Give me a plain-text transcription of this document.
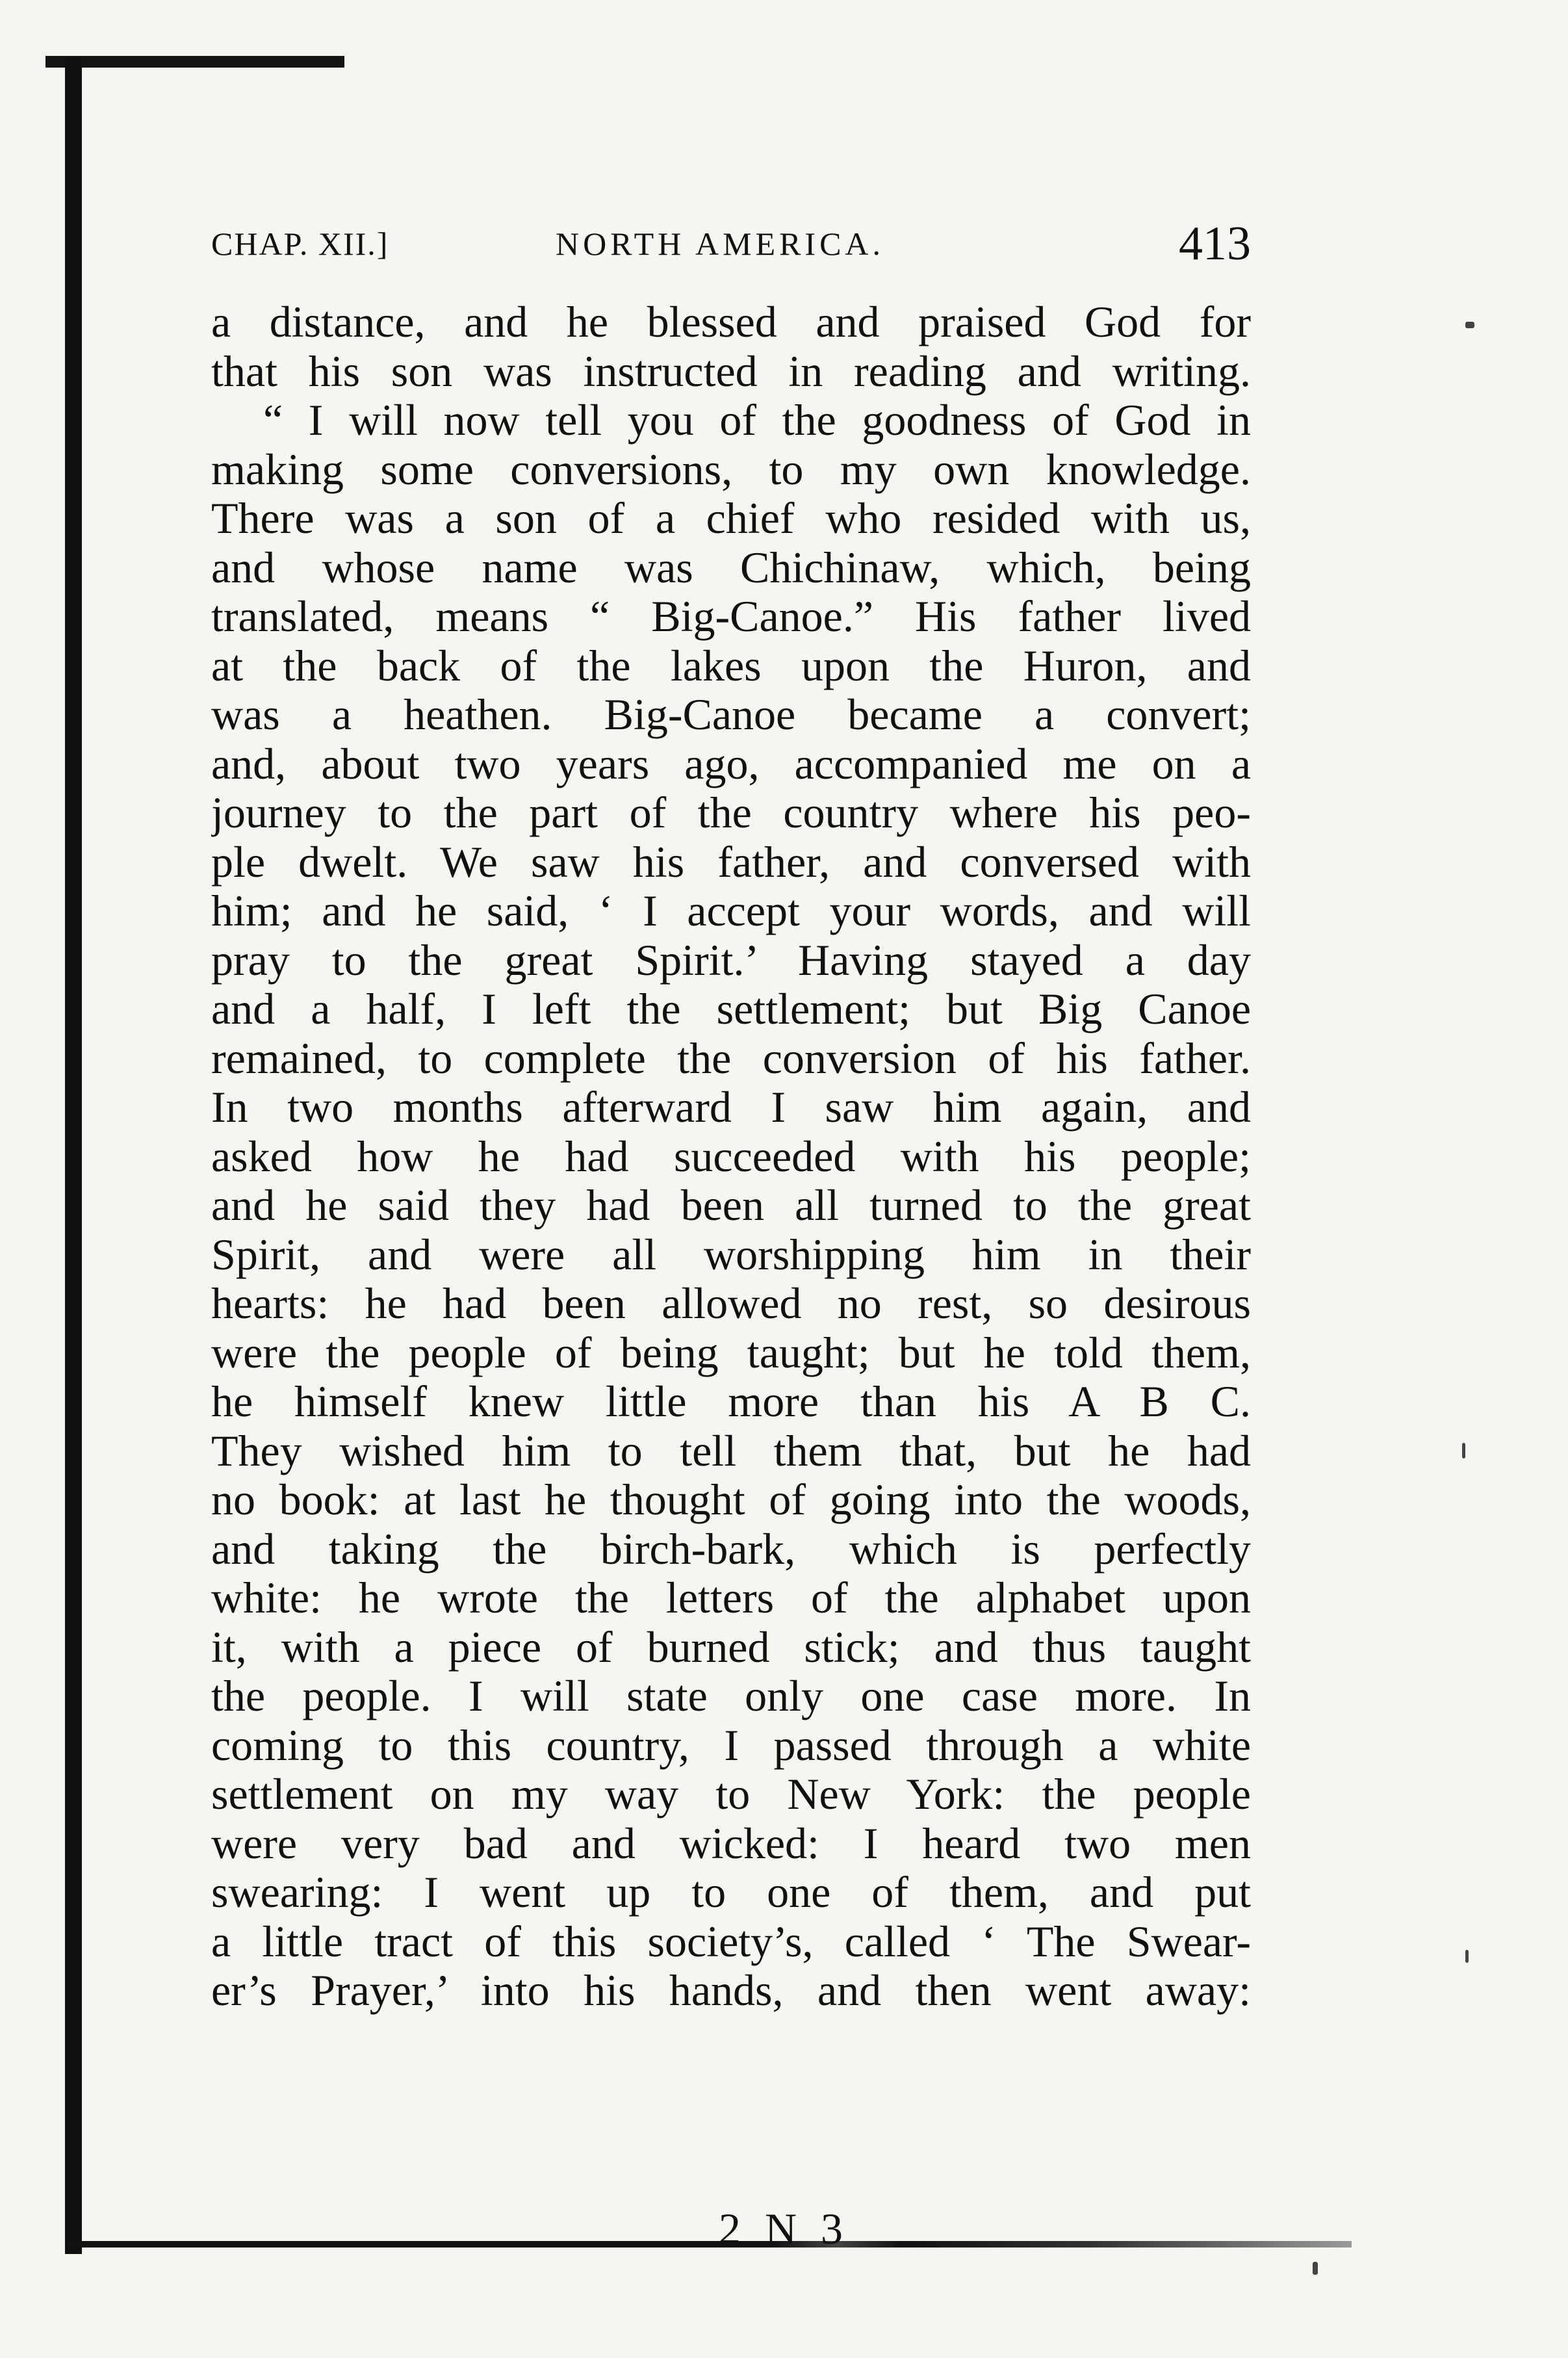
CHAP. XII.]	NORTH AMERICA.	413
a distance, and he blessed and praised God for
that his son was instructed in reading and writing.
“ I will now tell you of the goodness of God in
making some conversions, to my own knowledge.
There was a son of a chief who resided with us,
and whose name was Chichinaw, which, being
translated, means “ Big-Canoe.” His father lived
at the back of the lakes upon the Huron, and
was a heathen. Big-Canoe became a convert;
and, about two years ago, accompanied me on a
journey to the part of the country where his peo-
ple dwelt. We saw his father, and conversed with
him; and he said, ‘ I accept your words, and will
pray to the great Spirit.’ Having stayed a day
and a half, I left the settlement; but Big Canoe
remained, to complete the conversion of his father.
In two months afterward I saw him again, and
asked how he had succeeded with his people;
and he said they had been all turned to the great
Spirit, and were all worshipping him in their
hearts: he had been allowed no rest, so desirous
were the people of being taught; but he told them,
he himself knew little more than his A B C.
They wished him to tell them that, but he had
no book: at last he thought of going into the woods,
and taking the birch-bark, which is perfectly
white: he wrote the letters of the alphabet upon
it, with a piece of burned stick; and thus taught
the people. I will state only one case more. In
coming to this country, I passed through a white
settlement on my way to New York: the people
were very bad and wicked: I heard two men
swearing: I went up to one of them, and put
a little tract of this society’s, called ‘ The Swear-
er’s Prayer,’ into his hands, and then went away:
2 N 3
